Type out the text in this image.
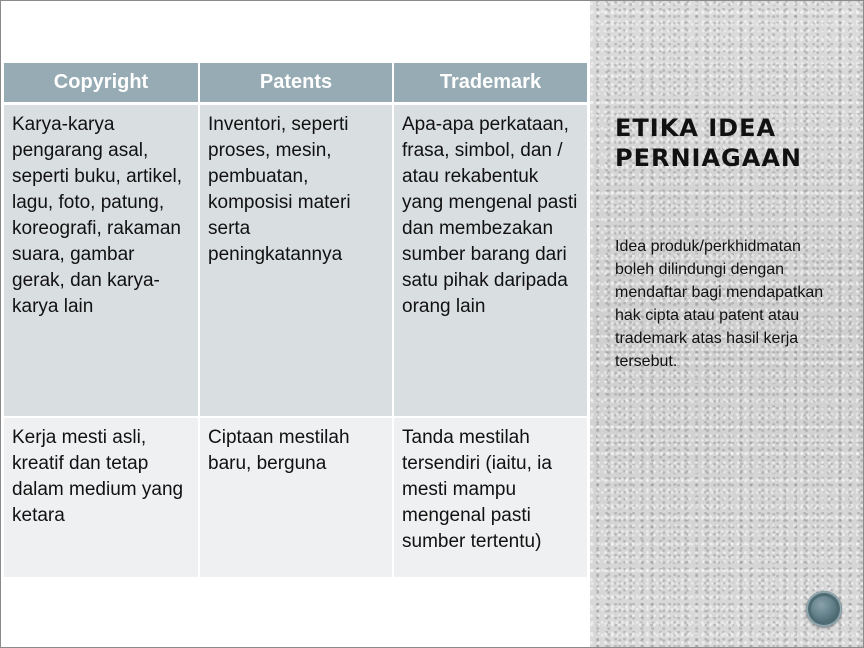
Copyright	Patents	Trademark
Karya-karya pengarang asal, seperti buku, artikel, lagu, foto, patung, koreografi, rakaman suara, gambar gerak, dan karya-karya lain	Inventori, seperti proses, mesin, pembuatan, komposisi materi serta peningkatannya	Apa-apa perkataan, frasa, simbol, dan / atau rekabentuk yang mengenal pasti dan membezakan sumber barang dari satu pihak daripada orang lain
Kerja mesti asli, kreatif dan tetap dalam medium yang ketara	Ciptaan mestilah baru, berguna	Tanda mestilah tersendiri (iaitu, ia mesti mampu mengenal pasti sumber tertentu)
ETIKA IDEA PERNIAGAAN
Idea produk/perkhidmatan boleh dilindungi dengan mendaftar bagi mendapatkan hak cipta atau patent atau trademark atas hasil kerja tersebut.
